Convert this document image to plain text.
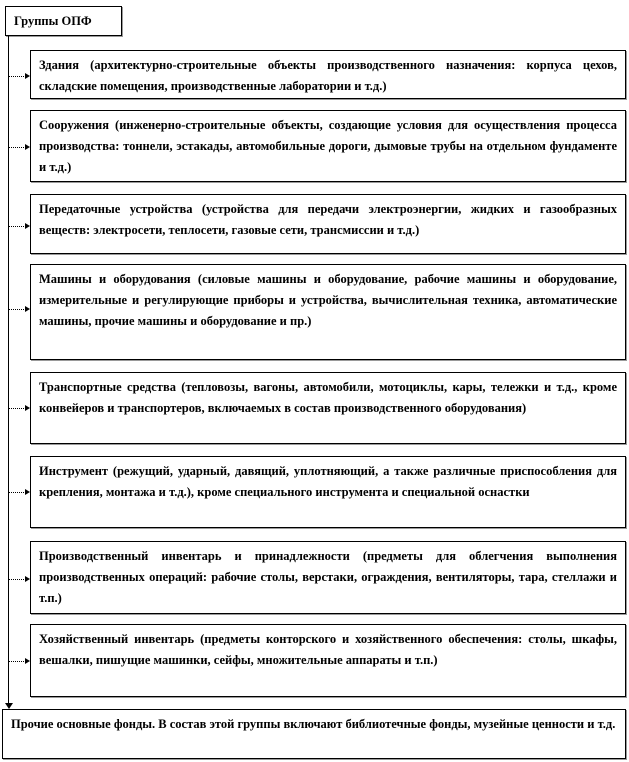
Группы ОПФ
Здания (архитектурно-строительные объекты производственного назначения: корпуса цехов, складские помещения, производственные лаборатории и т.д.)
Сооружения (инженерно-строительные объекты, создающие условия для осуществления процесса производства: тоннели, эстакады, автомобильные дороги, дымовые трубы на отдельном фундаменте и т.д.)
Передаточные устройства (устройства для передачи электроэнергии, жидких и газообразных веществ: электросети, теплосети, газовые сети, трансмиссии и т.д.)
Машины и оборудования (силовые машины и оборудование, рабочие машины и оборудование, измерительные и регулирующие приборы и устройства, вычислительная техника, автоматические машины, прочие машины и оборудование и пр.)
Транспортные средства (тепловозы, вагоны, автомобили, мотоциклы, кары, тележки и т.д., кроме конвейеров и транспортеров, включаемых в состав производственного оборудования)
Инструмент (режущий, ударный, давящий, уплотняющий, а также различные приспособления для крепления, монтажа и т.д.), кроме специального инструмента и специальной оснастки
Производственный инвентарь и принадлежности (предметы для облегчения выполнения производственных операций: рабочие столы, верстаки, ограждения, вентиляторы, тара, стеллажи и т.п.)
Хозяйственный инвентарь (предметы конторского и хозяйственного обеспечения: столы, шкафы, вешалки, пишущие машинки, сейфы, множительные аппараты и т.п.)
Прочие основные фонды. В состав этой группы включают библиотечные фонды, музейные ценности и т.д.
